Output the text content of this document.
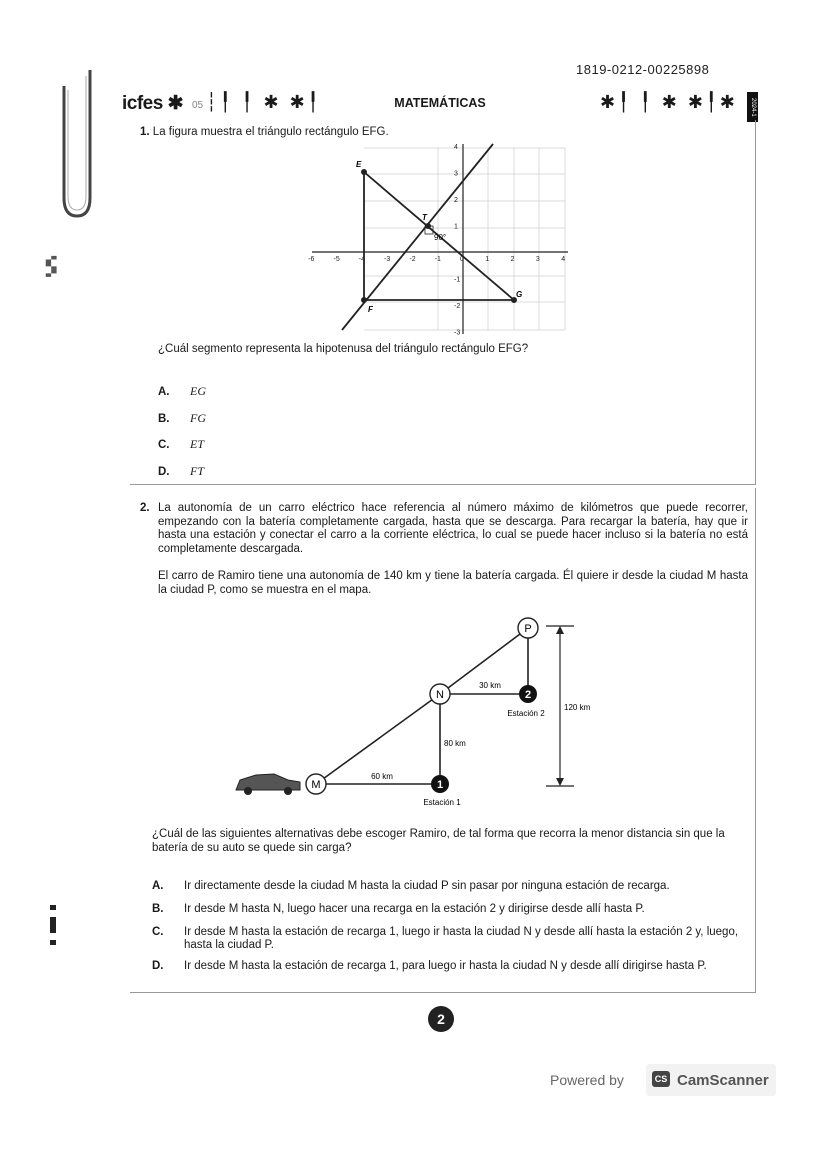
▚▞▚
1819-0212-00225898
icfes ✱ 05 ┆╿ ╿ ✱ ✱╿	MATEMÁTICAS	✱╿ ╿ ✱ ✱╿✱	2024-1
1. La figura muestra el triángulo rectángulo EFG.
-6	-5	-4	-3	-2	-1	0	1	2	3	4
4
3
2
1
-1
-2
-3
E
F
G
T
90°
¿Cuál segmento representa la hipotenusa del triángulo rectángulo EFG?
A. EG
B. FG
C. ET
D. FT
2. La autonomía de un carro eléctrico hace referencia al número máximo de kilómetros que puede recorrer, empezando con la batería completamente cargada, hasta que se descarga. Para recargar la batería, hay que ir hasta una estación y conectar el carro a la corriente eléctrica, lo cual se puede hacer incluso si la batería no está completamente descargada.
El carro de Ramiro tiene una autonomía de 140 km y tiene la batería cargada. Él quiere ir desde la ciudad M hasta la ciudad P, como se muestra en el mapa.
M
N
P
1
2
Estación 1
Estación 2
60 km
80 km
30 km
120 km
¿Cuál de las siguientes alternativas debe escoger Ramiro, de tal forma que recorra la menor distancia sin que la batería de su auto se quede sin carga?
A.	Ir directamente desde la ciudad M hasta la ciudad P sin pasar por ninguna estación de recarga.
B.	Ir desde M hasta N, luego hacer una recarga en la estación 2 y dirigirse desde allí hasta P.
C.	Ir desde M hasta la estación de recarga 1, luego ir hasta la ciudad N y desde allí hasta la estación 2 y, luego, hasta la ciudad P.
D.	Ir desde M hasta la estación de recarga 1, para luego ir hasta la ciudad N y desde allí dirigirse hasta P.
2
Powered by	CS CamScanner
